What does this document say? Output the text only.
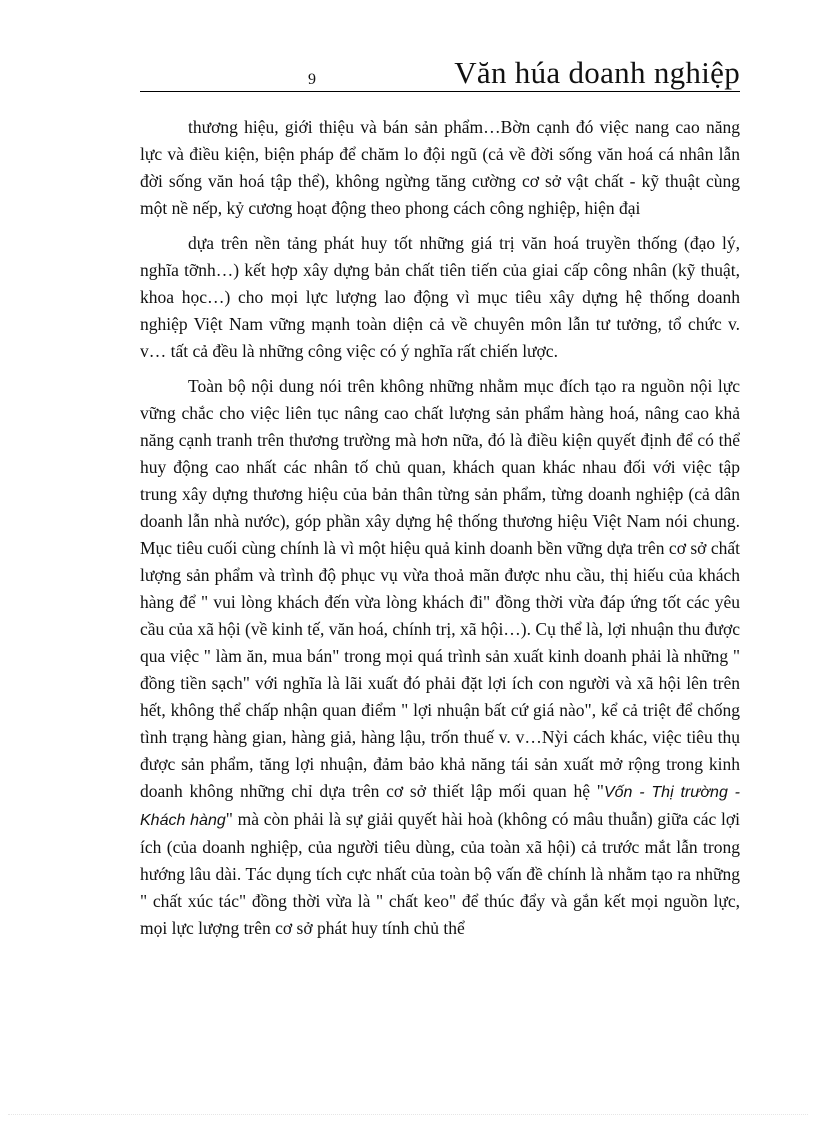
9	Văn húa doanh nghiệp

thương hiệu, giới thiệu và bán sản phẩm…Bờn cạnh đó việc nang cao năng lực và điều kiện, biện pháp để chăm lo đội ngũ (cả về đời sống văn hoá cá nhân lẫn đời sống văn hoá tập thể), không ngừng tăng cường cơ sở vật chất - kỹ thuật cùng một nề nếp, kỷ cương hoạt động theo phong cách công nghiệp, hiện đại

dựa trên nền tảng phát huy tốt những giá trị văn hoá truyền thống (đạo lý, nghĩa tỡnh…) kết hợp xây dựng bản chất tiên tiến của giai cấp công nhân (kỹ thuật, khoa học…) cho mọi lực lượng lao động vì mục tiêu xây dựng hệ thống doanh nghiệp Việt Nam vững mạnh toàn diện cả về chuyên môn lẫn tư tưởng, tổ chức v. v… tất cả đều là những công việc có ý nghĩa rất chiến lược.

Toàn bộ nội dung nói trên không những nhằm mục đích tạo ra nguồn nội lực vững chắc cho việc liên tục nâng cao chất lượng sản phẩm hàng hoá, nâng cao khả năng cạnh tranh trên thương trường mà hơn nữa, đó là điều kiện quyết định để có thể huy động cao nhất các nhân tố chủ quan, khách quan khác nhau đối với việc tập trung xây dựng thương hiệu của bản thân từng sản phẩm, từng doanh nghiệp (cả dân doanh lẫn nhà nước), góp phần xây dựng hệ thống thương hiệu Việt Nam nói chung. Mục tiêu cuối cùng chính là vì một hiệu quả kinh doanh bền vững dựa trên cơ sở chất lượng sản phẩm và trình độ phục vụ vừa thoả mãn được nhu cầu, thị hiếu của khách hàng để " vui lòng khách đến vừa lòng khách đi" đồng thời vừa đáp ứng tốt các yêu cầu của xã hội (về kinh tế, văn hoá, chính trị, xã hội…). Cụ thể là, lợi nhuận thu được qua việc " làm ăn, mua bán" trong mọi quá trình sản xuất kinh doanh phải là những " đồng tiền sạch" với nghĩa là lãi xuất đó phải đặt lợi ích con người và xã hội lên trên hết, không thể chấp nhận quan điểm " lợi nhuận bất cứ giá nào", kể cả triệt để chống tình trạng hàng gian, hàng giả, hàng lậu, trốn thuế v. v…Nỳi cách khác, việc tiêu thụ được sản phẩm, tăng lợi nhuận, đảm bảo khả năng tái sản xuất mở rộng trong kinh doanh không những chỉ dựa trên cơ sở thiết lập mối quan hệ "Vốn - Thị trường - Khách hàng" mà còn phải là sự giải quyết hài hoà (không có mâu thuẫn) giữa các lợi ích (của doanh nghiệp, của người tiêu dùng, của toàn xã hội) cả trước mắt lẫn trong hướng lâu dài. Tác dụng tích cực nhất của toàn bộ vấn đề chính là nhằm tạo ra những " chất xúc tác" đồng thời vừa là " chất keo" để thúc đẩy và gắn kết mọi nguồn lực, mọi lực lượng trên cơ sở phát huy tính chủ thể
